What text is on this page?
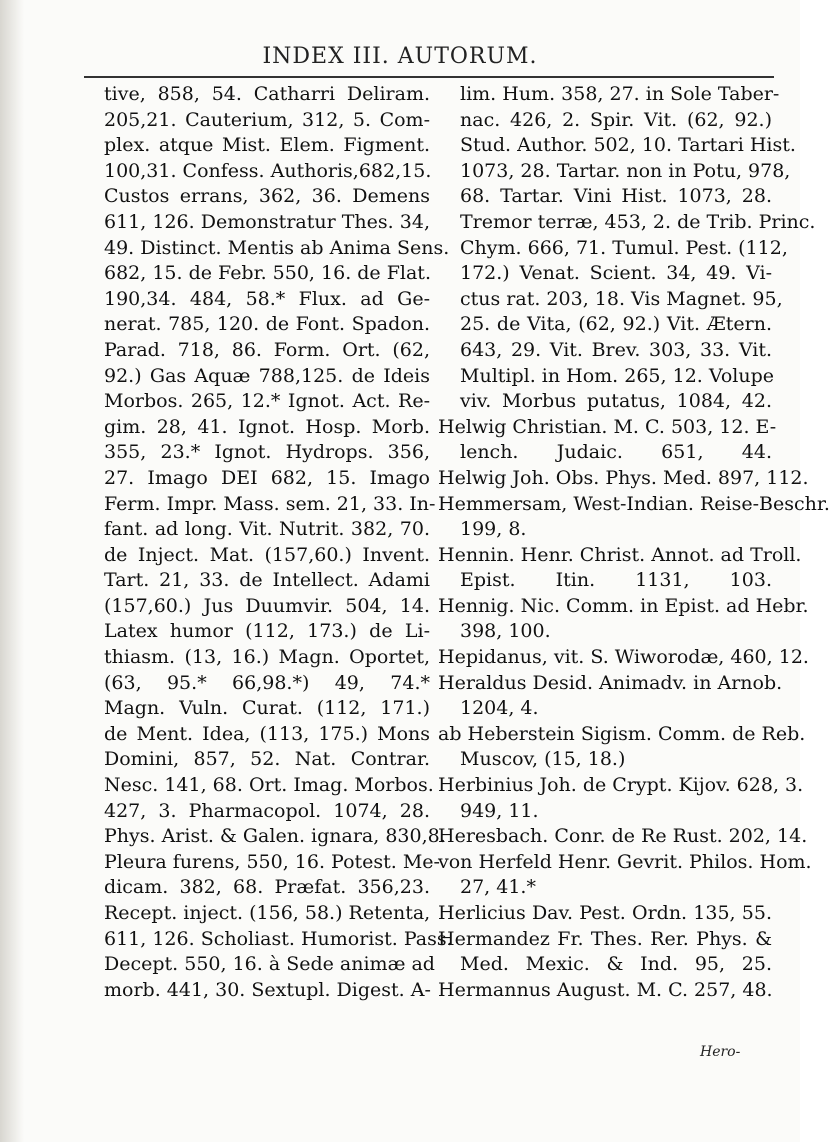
INDEX III. AUTORUM.
tive, 858, 54. Catharri Deliram.
205,21. Cauterium, 312, 5. Com-
plex. atque Mist. Elem. Figment.
100,31. Confess. Authoris,682,15.
Custos errans, 362, 36. Demens
611, 126. Demonstratur Thes. 34,
49. Distinct. Mentis ab Anima Sens.
682, 15. de Febr. 550, 16. de Flat.
190,34. 484, 58.* Flux. ad Ge-
nerat. 785, 120. de Font. Spadon.
Parad. 718, 86. Form. Ort. (62,
92.) Gas Aquæ 788,125. de Ideis
Morbos. 265, 12.* Ignot. Act. Re-
gim. 28, 41. Ignot. Hosp. Morb.
355, 23.* Ignot. Hydrops. 356,
27. Imago DEI 682, 15. Imago
Ferm. Impr. Mass. sem. 21, 33. In-
fant. ad long. Vit. Nutrit. 382, 70.
de Inject. Mat. (157,60.) Invent.
Tart. 21, 33. de Intellect. Adami
(157,60.) Jus Duumvir. 504, 14.
Latex humor (112, 173.) de Li-
thiasm. (13, 16.) Magn. Oportet,
(63, 95.* 66,98.*) 49, 74.*
Magn. Vuln. Curat. (112, 171.)
de Ment. Idea, (113, 175.) Mons
Domini, 857, 52. Nat. Contrar.
Nesc. 141, 68. Ort. Imag. Morbos.
427, 3. Pharmacopol. 1074, 28.
Phys. Arist. & Galen. ignara, 830,8.
Pleura furens, 550, 16. Potest. Me-
dicam. 382, 68. Præfat. 356,23.
Recept. inject. (156, 58.) Retenta,
611, 126. Scholiast. Humorist. Pass.
Decept. 550, 16. à Sede animæ ad
morb. 441, 30. Sextupl. Digest. A-
lim. Hum. 358, 27. in Sole Taber-
nac. 426, 2. Spir. Vit. (62, 92.)
Stud. Author. 502, 10. Tartari Hist.
1073, 28. Tartar. non in Potu, 978,
68. Tartar. Vini Hist. 1073, 28.
Tremor terræ, 453, 2. de Trib. Princ.
Chym. 666, 71. Tumul. Pest. (112,
172.) Venat. Scient. 34, 49. Vi-
ctus rat. 203, 18. Vis Magnet. 95,
25. de Vita, (62, 92.) Vit. Ætern.
643, 29. Vit. Brev. 303, 33. Vit.
Multipl. in Hom. 265, 12. Volupe
viv. Morbus putatus, 1084, 42.
Helwig Christian. M. C. 503, 12. E-
lench. Judaic. 651, 44.
Helwig Joh. Obs. Phys. Med. 897, 112.
Hemmersam, West-Indian. Reise-Beschr.
199, 8.
Hennin. Henr. Christ. Annot. ad Troll.
Epist. Itin. 1131, 103.
Hennig. Nic. Comm. in Epist. ad Hebr.
398, 100.
Hepidanus, vit. S. Wiworodæ, 460, 12.
Heraldus Desid. Animadv. in Arnob.
1204, 4.
ab Heberstein Sigism. Comm. de Reb.
Muscov, (15, 18.)
Herbinius Joh. de Crypt. Kijov. 628, 3.
949, 11.
Heresbach. Conr. de Re Rust. 202, 14.
von Herfeld Henr. Gevrit. Philos. Hom.
27, 41.*
Herlicius Dav. Pest. Ordn. 135, 55.
Hermandez Fr. Thes. Rer. Phys. &
Med. Mexic. & Ind. 95, 25.
Hermannus August. M. C. 257, 48.
Hero-
